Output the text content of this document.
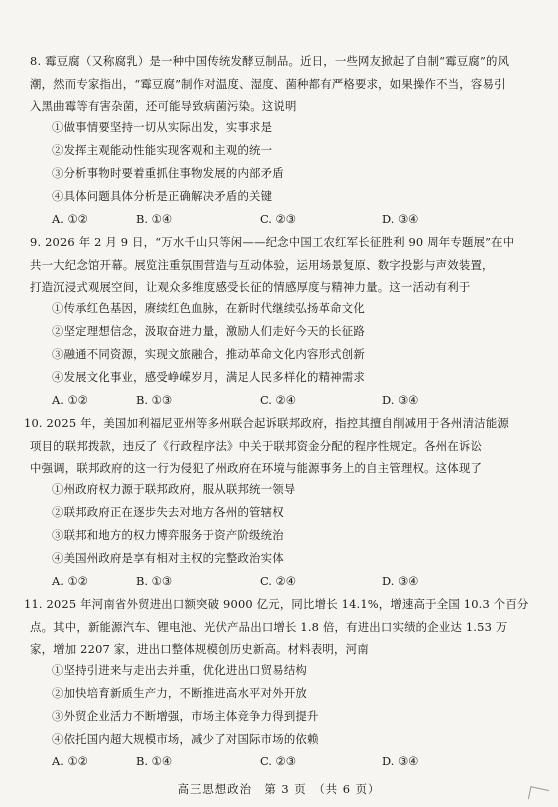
8. 霉豆腐（又称腐乳）是一种中国传统发酵豆制品。近日，一些网友掀起了自制“霉豆腐”的风

潮，然而专家指出，“霉豆腐”制作对温度、湿度、菌种都有严格要求，如果操作不当，容易引

入黑曲霉等有害杂菌，还可能导致病菌污染。这说明

①做事情要坚持一切从实际出发，实事求是
②发挥主观能动性能实现客观和主观的统一
③分析事物时要着重抓住事物发展的内部矛盾
④具体问题具体分析是正确解决矛盾的关键
A. ①②	B. ①④	C. ②③	D. ③④

9. 2026 年 2 月 9 日，“万水千山只等闲——纪念中国工农红军长征胜利 90 周年专题展”在中

共一大纪念馆开幕。展览注重氛围营造与互动体验，运用场景复原、数字投影与声效装置，

打造沉浸式观展空间，让观众多维度感受长征的情感厚度与精神力量。这一活动有利于

①传承红色基因，赓续红色血脉，在新时代继续弘扬革命文化
②坚定理想信念，汲取奋进力量，激励人们走好今天的长征路
③融通不同资源，实现文旅融合，推动革命文化内容形式创新
④发展文化事业，感受峥嵘岁月，满足人民多样化的精神需求
A. ①②	B. ①③	C. ②④	D. ③④

10. 2025 年，美国加利福尼亚州等多州联合起诉联邦政府，指控其擅自削减用于各州清洁能源

项目的联邦拨款，违反了《行政程序法》中关于联邦资金分配的程序性规定。各州在诉讼

中强调，联邦政府的这一行为侵犯了州政府在环境与能源事务上的自主管理权。这体现了

①州政府权力源于联邦政府，服从联邦统一领导
②联邦政府正在逐步失去对地方各州的管辖权
③联邦和地方的权力博弈服务于资产阶级统治
④美国州政府是享有相对主权的完整政治实体
A. ①②	B. ①③	C. ②④	D. ③④

11. 2025 年河南省外贸进出口额突破 9000 亿元，同比增长 14.1%，增速高于全国 10.3 个百分

点。其中，新能源汽车、锂电池、光伏产品出口增长 1.8 倍，有进出口实绩的企业达 1.53 万

家，增加 2207 家，进出口整体规模创历史新高。材料表明，河南

①坚持引进来与走出去并重，优化进出口贸易结构
②加快培育新质生产力，不断推进高水平对外开放
③外贸企业活力不断增强，市场主体竞争力得到提升
④依托国内超大规模市场，减少了对国际市场的依赖
A. ①②	B. ①④	C. ②③	D. ③④
高三思想政治　第 3 页　（共 6 页）
